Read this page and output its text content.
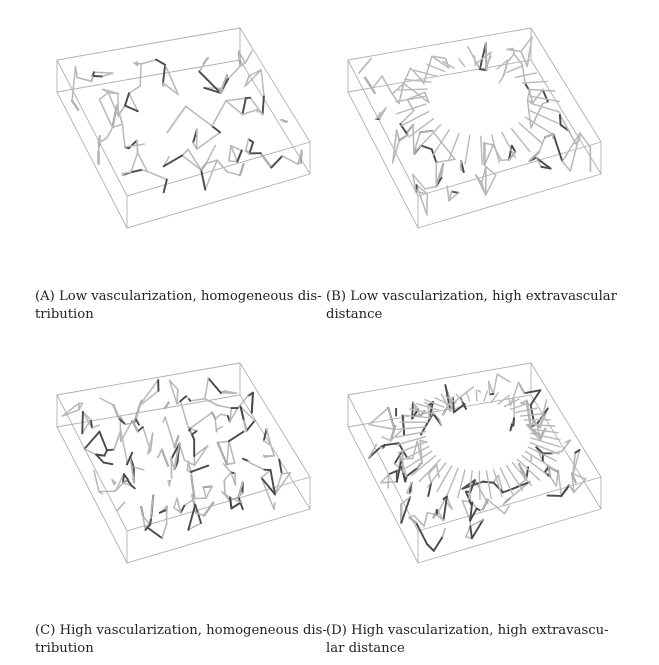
(A) Low vascularization, homogeneous dis-
tribution
(B) Low vascularization, high extravascular
distance
(C) High vascularization, homogeneous dis-
tribution
(D) High vascularization, high extravascu-
lar distance
